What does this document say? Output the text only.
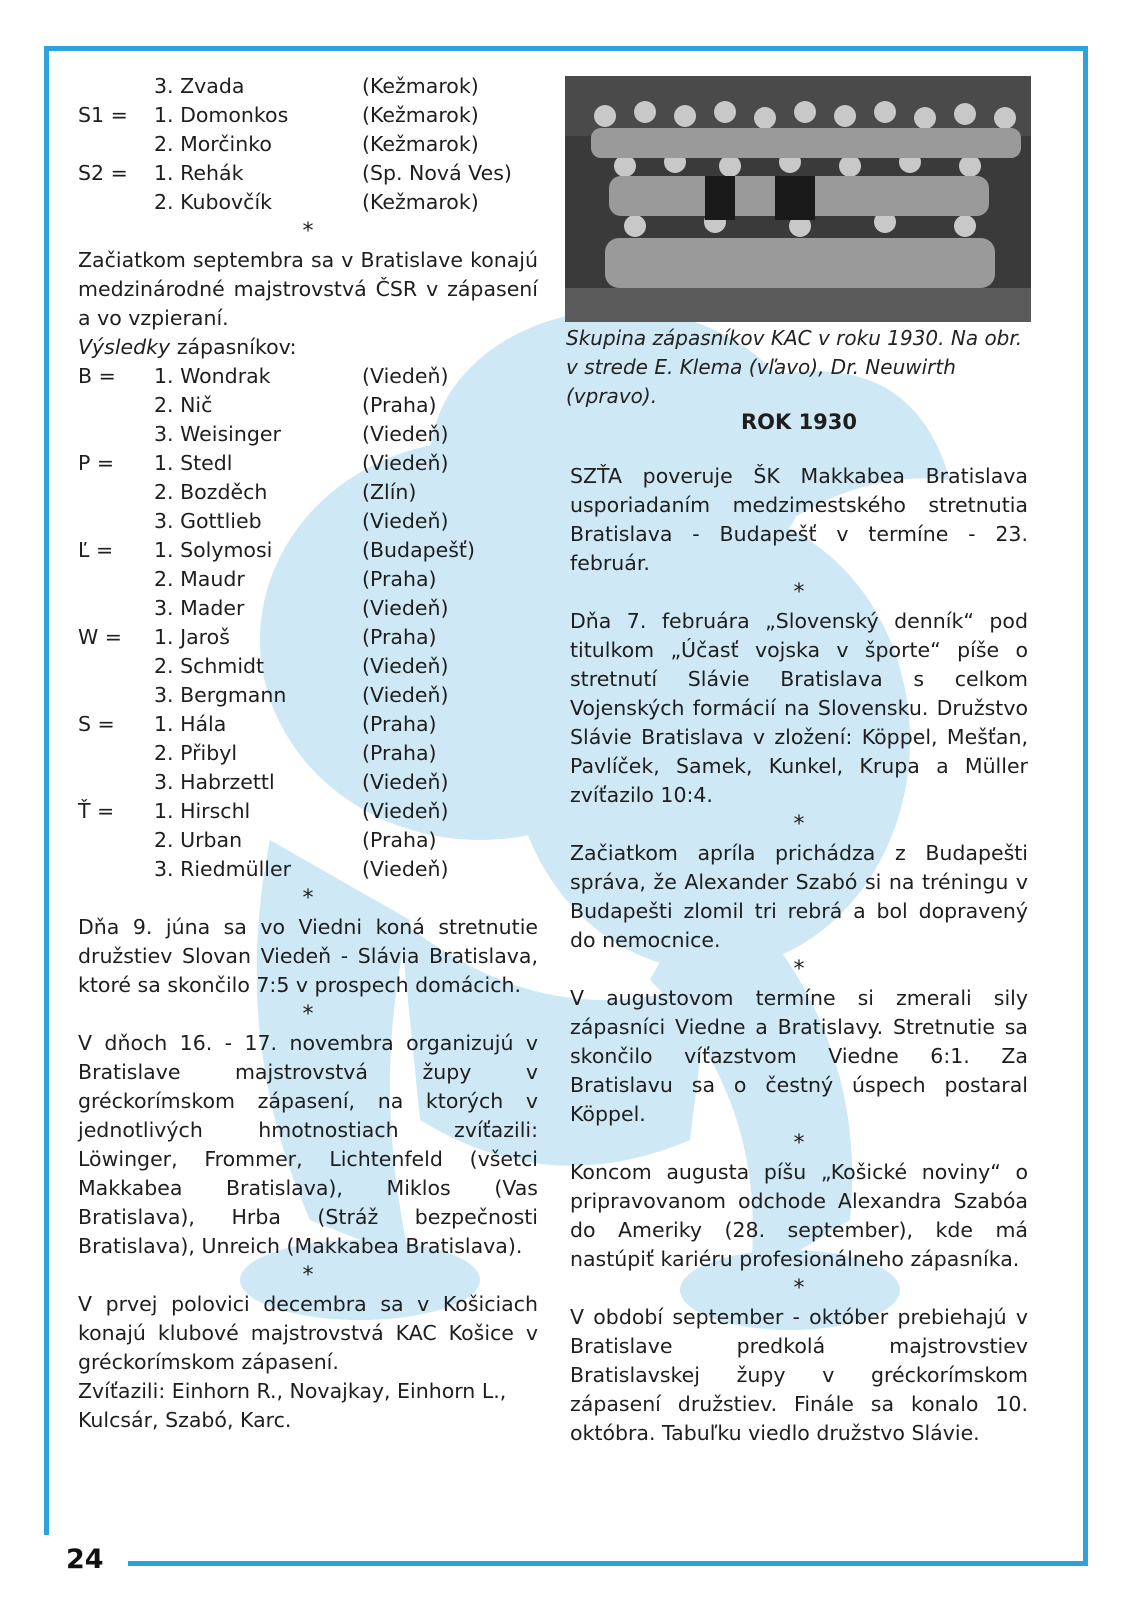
24
Skupina zápasníkov KAC v roku 1930. Na obr. v strede E. Klema (vľavo), Dr. Neuwirth (vpravo).
ROK 1930
3. Zvada	(Kežmarok)
S1 =	1. Domonkos	(Kežmarok)
2. Morčinko	(Kežmarok)
S2 =	1. Rehák	(Sp. Nová Ves)
2. Kubovčík	(Kežmarok)
*

Začiatkom septembra sa v Bratislave konajú medzinárodné majstrovstvá ČSR v zápasení a vo vzpieraní.

Výsledky zápasníkov:

B =	1. Wondrak	(Viedeň)
2. Nič	(Praha)
3. Weisinger	(Viedeň)
P =	1. Stedl	(Viedeň)
2. Bozděch	(Zlín)
3. Gottlieb	(Viedeň)
Ľ =	1. Solymosi	(Budapešť)
2. Maudr	(Praha)
3. Mader	(Viedeň)
W =	1. Jaroš	(Praha)
2. Schmidt	(Viedeň)
3. Bergmann	(Viedeň)
S =	1. Hála	(Praha)
2. Přibyl	(Praha)
3. Habrzettl	(Viedeň)
Ť =	1. Hirschl	(Viedeň)
2. Urban	(Praha)
3. Riedmüller	(Viedeň)
*

Dňa 9. júna sa vo Viedni koná stretnutie družstiev Slovan Viedeň - Slávia Bratislava, ktoré sa skončilo 7:5 v prospech domácich.

*

V dňoch 16. - 17. novembra organizujú v Bratislave majstrovstvá župy v gréckorímskom zápasení, na ktorých v jednotlivých hmotnostiach zvíťazili: Löwinger, Frommer, Lichtenfeld (všetci Makkabea Bratislava), Miklos (Vas Bratislava), Hrba (Stráž bezpečnosti Bratislava), Unreich (Makkabea Bratislava).

*

V prvej polovici decembra sa v Košiciach konajú klubové majstrovstvá KAC Košice v gréckorímskom zápasení.

Zvíťazili: Einhorn R., Novajkay, Einhorn L., Kulcsár, Szabó, Karc.

SZŤA poveruje ŠK Makkabea Bratislava usporiadaním medzimestského stretnutia Bratislava - Budapešť v termíne - 23. február.

*

Dňa 7. februára „Slovenský denník“ pod titulkom „Účasť vojska v športe“ píše o stretnutí Slávie Bratislava s celkom Vojenských formácií na Slovensku. Družstvo Slávie Bratislava v zložení: Köppel, Mešťan, Pavlíček, Samek, Kunkel, Krupa a Müller zvíťazilo 10:4.

*

Začiatkom apríla prichádza z Budapešti správa, že Alexander Szabó si na tréningu v Budapešti zlomil tri rebrá a bol dopravený do nemocnice.

*

V augustovom termíne si zmerali sily zápasníci Viedne a Bratislavy. Stretnutie sa skončilo víťazstvom Viedne 6:1. Za Bratislavu sa o čestný úspech postaral Köppel.

*

Koncom augusta píšu „Košické noviny“ o pripravovanom odchode Alexandra Szabóa do Ameriky (28. september), kde má nastúpiť kariéru profesionálneho zápasníka.

*

V období september - október prebiehajú v Bratislave predkolá majstrovstiev Bratislavskej župy v gréckorímskom zápasení družstiev. Finále sa konalo 10. októbra. Tabuľku viedlo družstvo Slávie.
